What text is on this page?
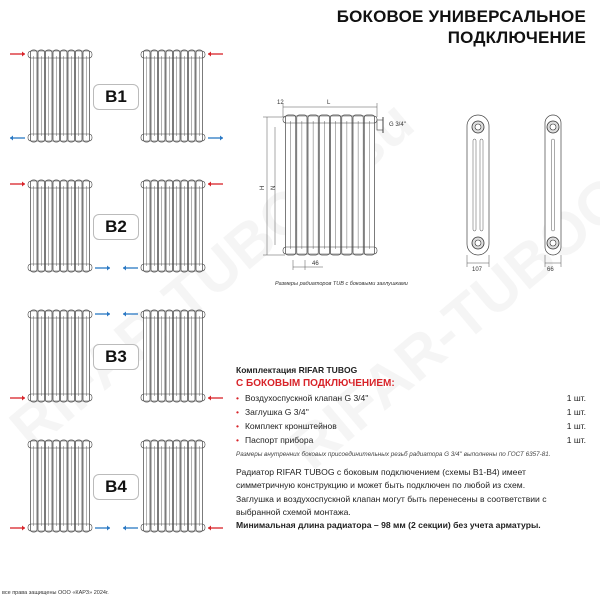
БОКОВОЕ УНИВЕРСАЛЬНОЕ
ПОДКЛЮЧЕНИЕ
B1
B2
B3
B4
12	L
H N
G 3/4''
46
Размеры радиаторов TUB с боковыми заглушками
107	66
Комплектация RIFAR TUBOG
С БОКОВЫМ ПОДКЛЮЧЕНИЕМ:
• Воздухоспускной клапан G 3/4''	1 шт.
• Заглушка G 3/4''	1 шт.
• Комплект кронштейнов	1 шт.
• Паспорт прибора	1 шт.
Размеры внутренних боковых присоединительных резьб радиатора G 3/4'' выполнены по ГОСТ 6357-81.
Радиатор RIFAR TUBOG с боковым подключением (схемы В1-В4) имеет симметричную конструкцию и может быть подключен по любой из схем.
Заглушка и воздухоспускной клапан могут быть перенесены в соответствии с выбранной схемой монтажа.
Минимальная длина радиатора – 98 мм (2 секции) без учета арматуры.
все права защищены ООО «КАРЗ» 2024г.
